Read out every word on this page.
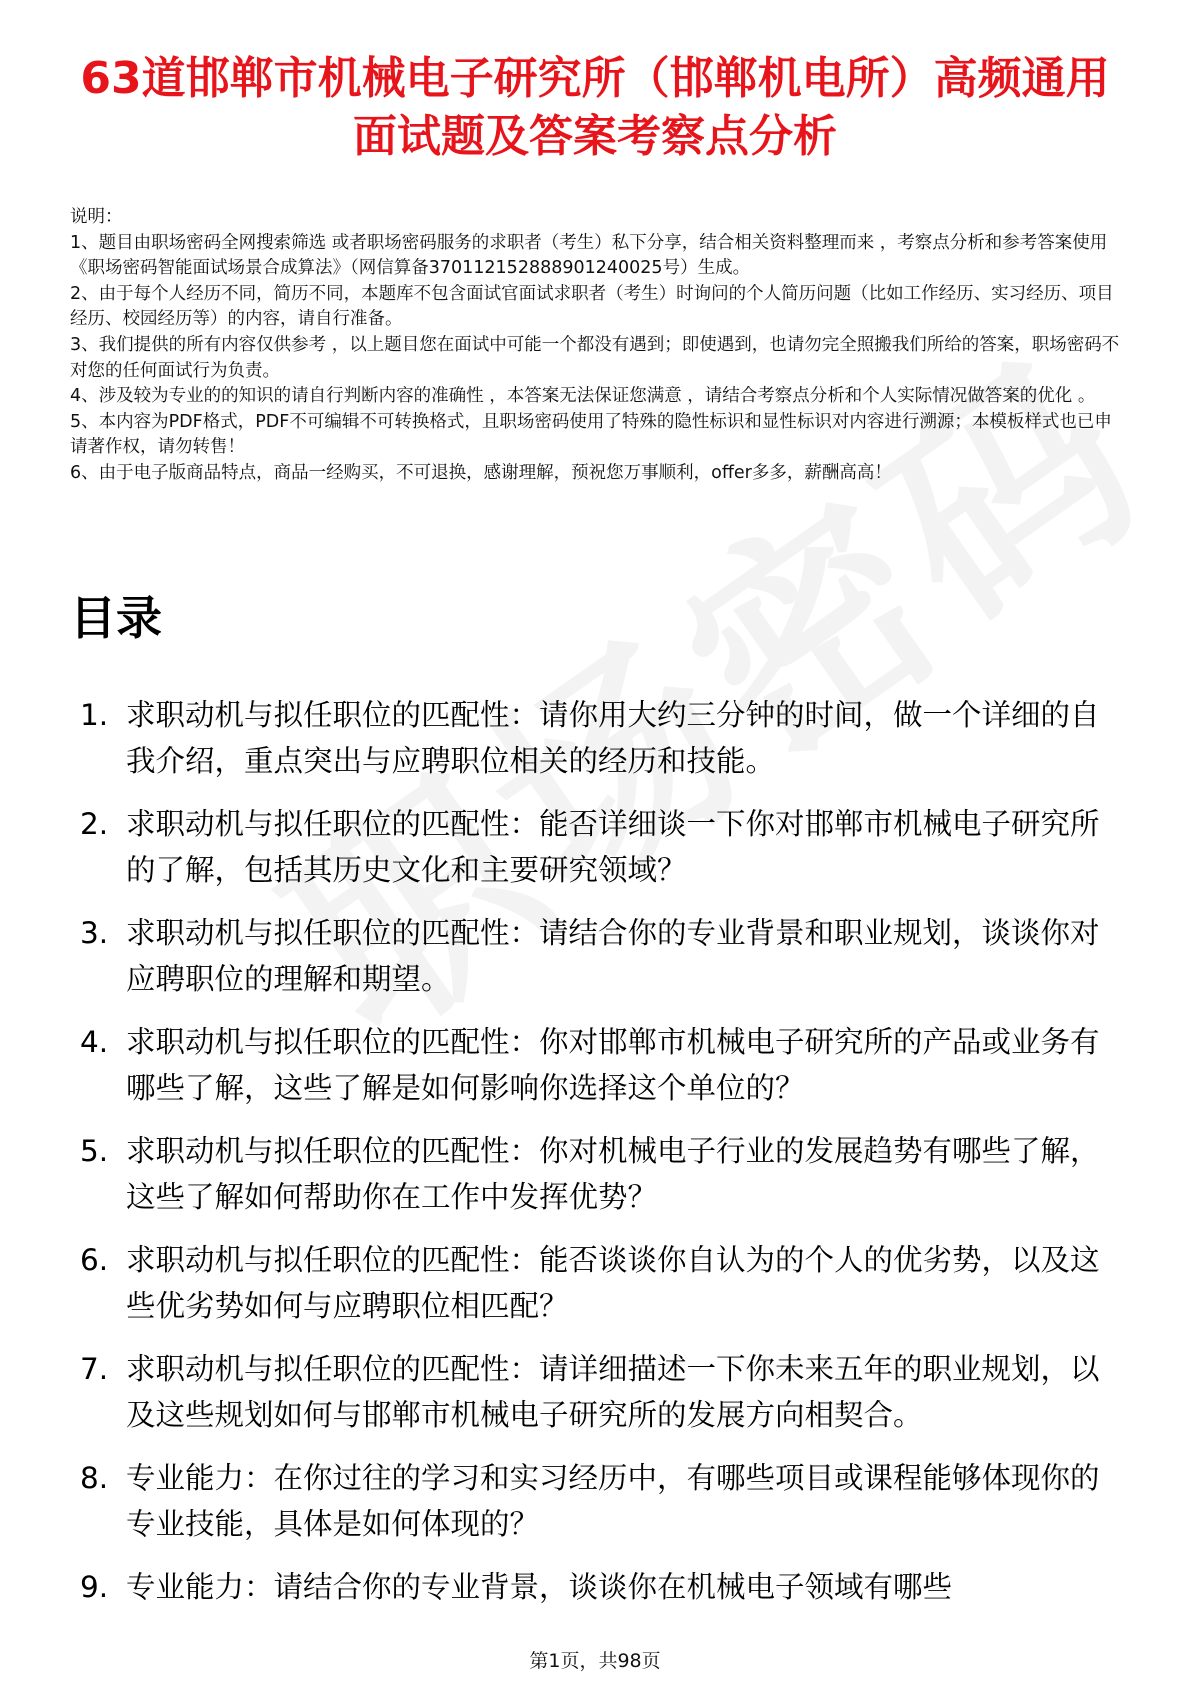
63道邯郸市机械电子研究所（邯郸机电所）高频通用面试题及答案考察点分析
说明：
1、题目由职场密码全网搜索筛选 或者职场密码服务的求职者（考生）私下分享，结合相关资料整理而来 ，考察点分析和参考答案使用《职场密码智能面试场景合成算法》（网信算备370112152888901240025号）生成。
2、由于每个人经历不同，简历不同，本题库不包含面试官面试求职者（考生）时询问的个人简历问题（比如工作经历、实习经历、项目经历、校园经历等）的内容，请自行准备。
3、我们提供的所有内容仅供参考 ，以上题目您在面试中可能一个都没有遇到；即使遇到，也请勿完全照搬我们所给的答案，职场密码不对您的任何面试行为负责。
4、涉及较为专业的的知识的请自行判断内容的准确性 ，本答案无法保证您满意 ，请结合考察点分析和个人实际情况做答案的优化 。
5、本内容为PDF格式，PDF不可编辑不可转换格式，且职场密码使用了特殊的隐性标识和显性标识对内容进行溯源；本模板样式也已申请著作权，请勿转售！
6、由于电子版商品特点，商品一经购买，不可退换，感谢理解，预祝您万事顺利，offer多多，薪酬高高！
目录
1. 求职动机与拟任职位的匹配性：请你用大约三分钟的时间，做一个详细的自我介绍，重点突出与应聘职位相关的经历和技能。
2. 求职动机与拟任职位的匹配性：能否详细谈一下你对邯郸市机械电子研究所的了解，包括其历史文化和主要研究领域？
3. 求职动机与拟任职位的匹配性：请结合你的专业背景和职业规划，谈谈你对应聘职位的理解和期望。
4. 求职动机与拟任职位的匹配性：你对邯郸市机械电子研究所的产品或业务有哪些了解，这些了解是如何影响你选择这个单位的？
5. 求职动机与拟任职位的匹配性：你对机械电子行业的发展趋势有哪些了解，这些了解如何帮助你在工作中发挥优势？
6. 求职动机与拟任职位的匹配性：能否谈谈你自认为的个人的优劣势，以及这些优劣势如何与应聘职位相匹配？
7. 求职动机与拟任职位的匹配性：请详细描述一下你未来五年的职业规划，以及这些规划如何与邯郸市机械电子研究所的发展方向相契合。
8. 专业能力：在你过往的学习和实习经历中，有哪些项目或课程能够体现你的专业技能，具体是如何体现的？
9. 专业能力：请结合你的专业背景，谈谈你在机械电子领域有哪些
第1页，共98页
